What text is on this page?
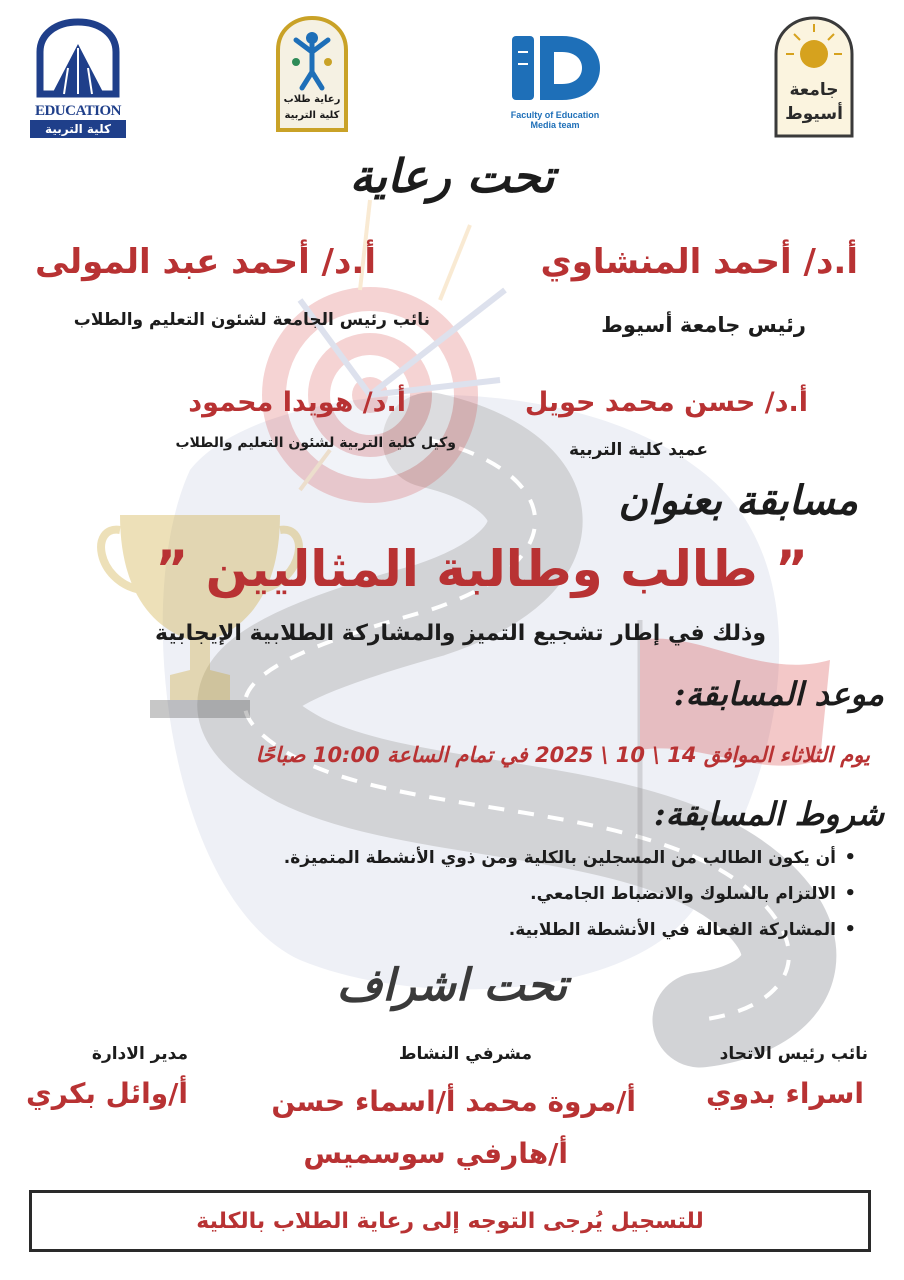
EDUCATION
كلية التربية
رعاية طلاب
كلية التربية	Faculty of Education
Media team
جامعة
أسيوط
تحت رعاية
أ.د/ أحمد المنشاوي
رئيس جامعة أسيوط
أ.د/ أحمد عبد المولى
نائب رئيس الجامعة لشئون التعليم والطلاب
أ.د/ حسن محمد حويل
عميد كلية التربية
أ.د/ هويدا محمود
وكيل كلية التربية لشئون التعليم والطلاب
مسابقة بعنوان
” طالب وطالبة المثاليين ”
وذلك في إطار تشجيع التميز والمشاركة الطلابية الإيجابية
موعد المسابقة:
يوم الثلاثاء الموافق 14 \ 10 \ 2025 في تمام الساعة 10:00 صباحًا
شروط المسابقة:
• أن يكون الطالب من المسجلين بالكلية ومن ذوي الأنشطة المتميزة.
• الالتزام بالسلوك والانضباط الجامعي.
• المشاركة الفعالة في الأنشطة الطلابية.
تحت اشراف
نائب رئيس الاتحاد
اسراء بدوي
مشرفي النشاط
أ/مروة محمد أ/اسماء حسن
أ/هارفي سوسميس
مدير الادارة
أ/وائل بكري
للتسجيل يُرجى التوجه إلى رعاية الطلاب بالكلية
